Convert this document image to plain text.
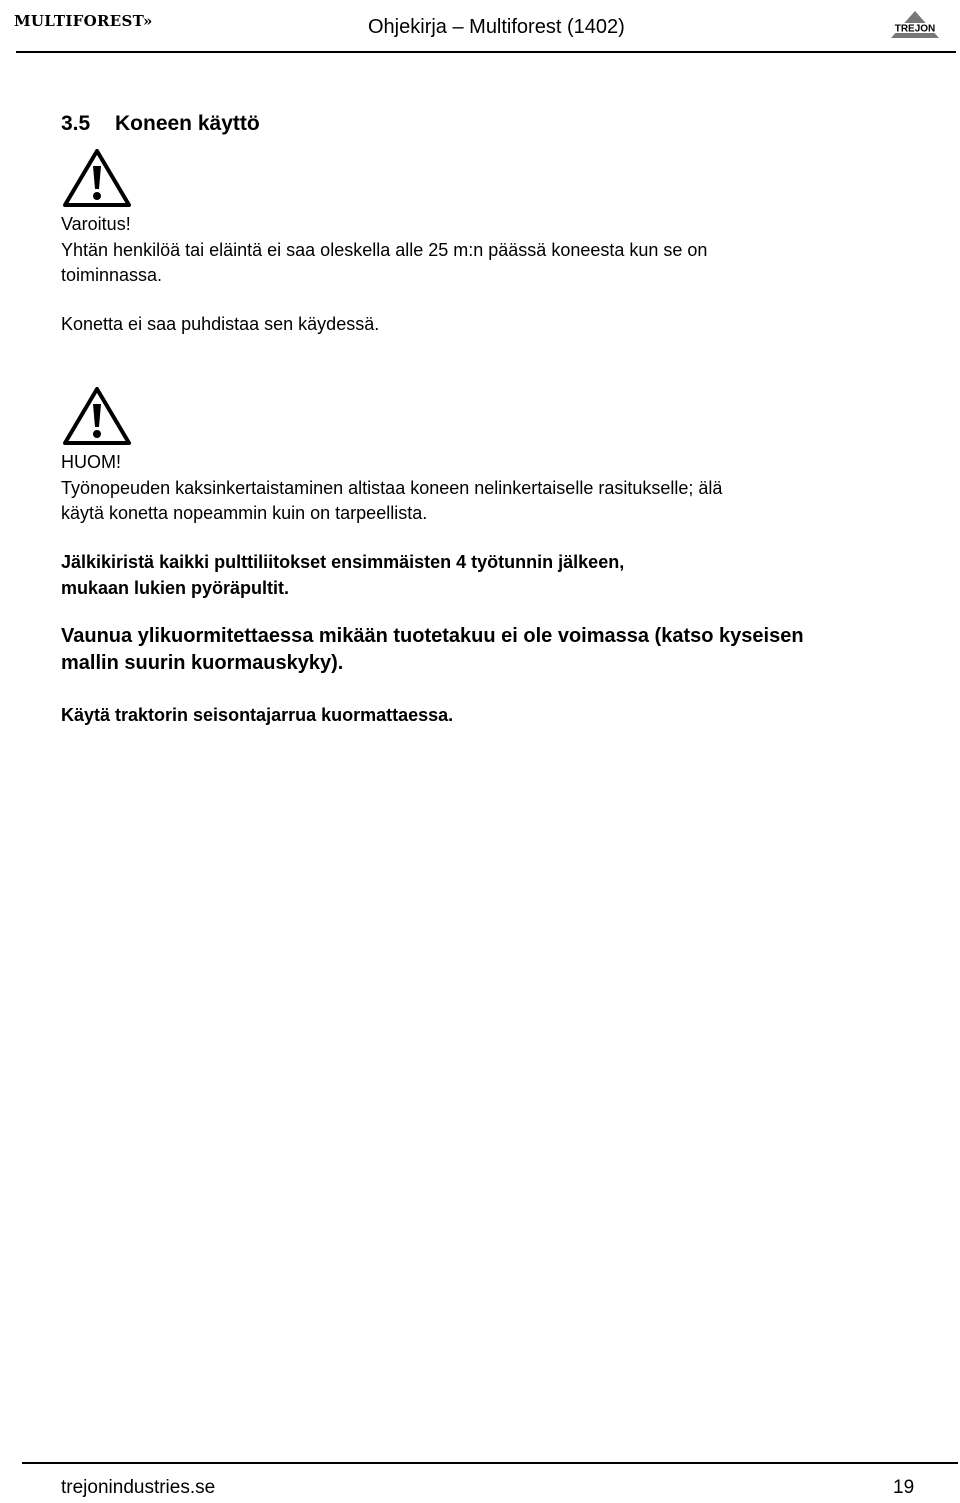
MULTIFOREST»	Ohjekirja – Multiforest (1402)	TREJON
3.5 Koneen käyttö

Varoitus!

Yhtän henkilöä tai eläintä ei saa oleskella alle 25 m:n päässä koneesta kun se on

toiminnassa.

Konetta ei saa puhdistaa sen käydessä.

HUOM!

Työnopeuden kaksinkertaistaminen altistaa koneen nelinkertaiselle rasitukselle; älä

käytä konetta nopeammin kuin on tarpeellista.

Jälkikiristä kaikki pulttiliitokset ensimmäisten 4 työtunnin jälkeen,

mukaan lukien pyöräpultit.

Vaunua ylikuormitettaessa mikään tuotetakuu ei ole voimassa (katso kyseisen

mallin suurin kuormauskyky).

Käytä traktorin seisontajarrua kuormattaessa.

trejonindustries.se	19
